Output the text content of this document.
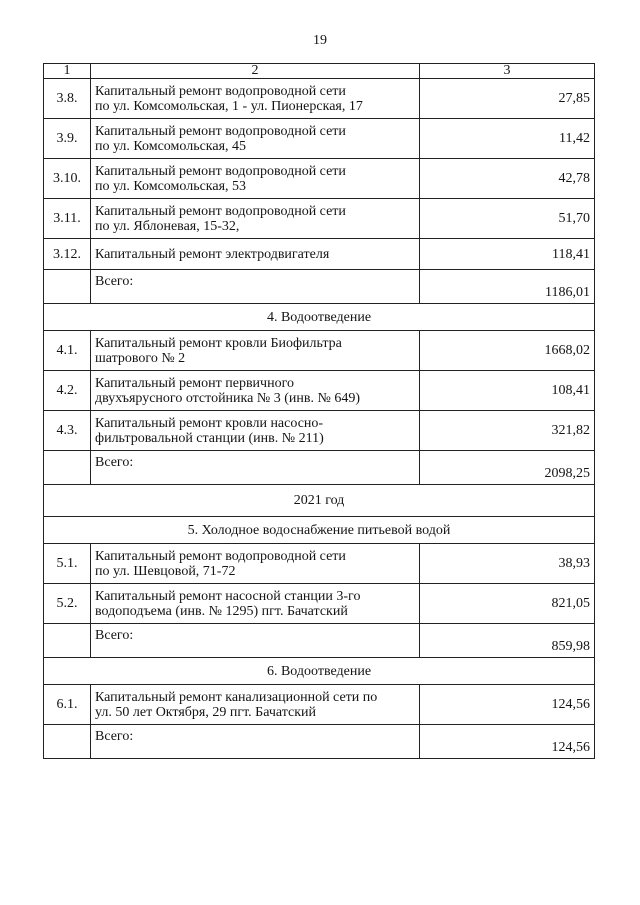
19
1	2	3
3.8.	Капитальный ремонт водопроводной сети
по ул. Комсомольская, 1 - ул. Пионерская, 17	27,85
3.9.	Капитальный ремонт водопроводной сети
по ул. Комсомольская, 45	11,42
3.10.	Капитальный ремонт водопроводной сети
по ул. Комсомольская, 53	42,78
3.11.	Капитальный ремонт водопроводной сети
по ул. Яблоневая, 15-32,	51,70
3.12.	Капитальный ремонт электродвигателя	118,41
	Всего:	1186,01
4. Водоотведение		
4.1.	Капитальный ремонт кровли Биофильтра
шатрового № 2	1668,02
4.2.	Капитальный ремонт первичного
двухъярусного отстойника № 3 (инв. № 649)	108,41
4.3.	Капитальный ремонт кровли насосно-
фильтровальной станции (инв. № 211)	321,82
	Всего:	2098,25
2021 год		
5. Холодное водоснабжение питьевой водой		
5.1.	Капитальный ремонт водопроводной сети
по ул. Шевцовой, 71-72	38,93
5.2.	Капитальный ремонт насосной станции 3-го
водоподъема (инв. № 1295) пгт. Бачатский	821,05
	Всего:	859,98
6. Водоотведение		
6.1.	Капитальный ремонт канализационной сети по
ул. 50 лет Октября, 29 пгт. Бачатский	124,56
	Всего:	124,56
